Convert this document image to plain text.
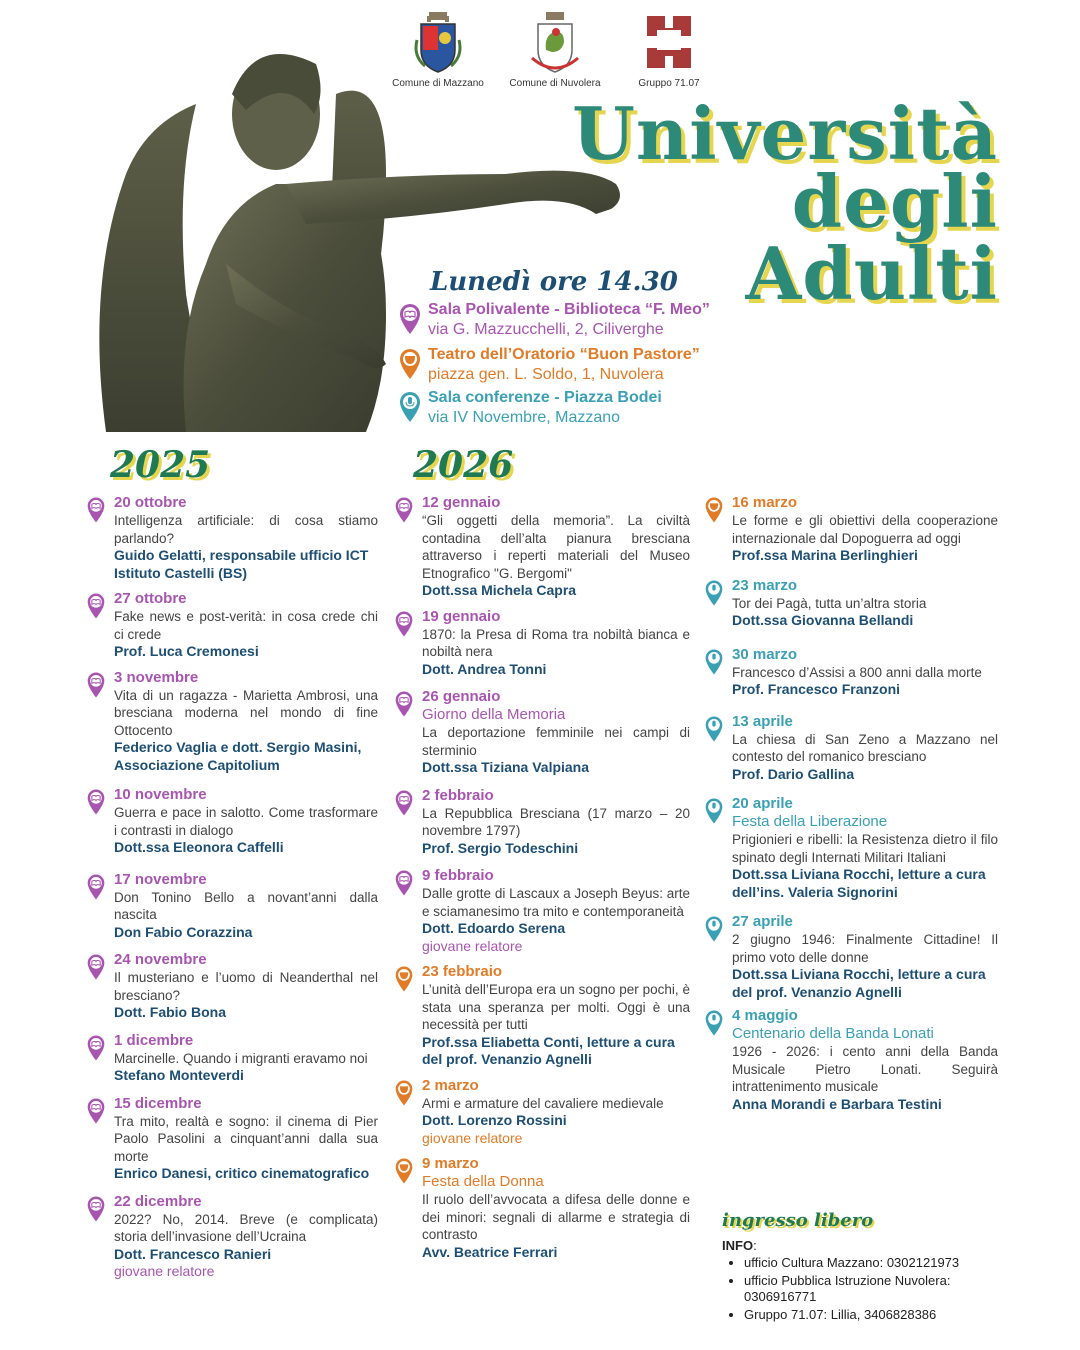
Comune di Mazzano	Comune di Nuvolera	Gruppo 71.07
Università
degli
Adulti
Lunedì ore 14.30
Sala Polivalente - Biblioteca “F. Meo”
via G. Mazzucchelli, 2, Ciliverghe
Teatro dell’Oratorio “Buon Pastore”
piazza gen. L. Soldo, 1, Nuvolera
Sala conferenze - Piazza Bodei
via IV Novembre, Mazzano
2025	2026
20 ottobre
Intelligenza artificiale: di cosa stiamo parlando?
Guido Gelatti, responsabile ufficio ICT Istituto Castelli (BS)
27 ottobre
Fake news e post-verità: in cosa crede chi ci crede
Prof. Luca Cremonesi
3 novembre
Vita di un ragazza - Marietta Ambrosi, una bresciana moderna nel mondo di fine Ottocento
Federico Vaglia e dott. Sergio Masini, Associazione Capitolium
10 novembre
Guerra e pace in salotto. Come trasformare i contrasti in dialogo
Dott.ssa Eleonora Caffelli
17 novembre
Don Tonino Bello a novant’anni dalla nascita
Don Fabio Corazzina
24 novembre
Il musteriano e l’uomo di Neanderthal nel bresciano?
Dott. Fabio Bona
1 dicembre
Marcinelle. Quando i migranti eravamo noi
Stefano Monteverdi
15 dicembre
Tra mito, realtà e sogno: il cinema di Pier Paolo Pasolini a cinquant’anni dalla sua morte
Enrico Danesi, critico cinematografico
22 dicembre
2022? No, 2014. Breve (e complicata) storia dell’invasione dell’Ucraina
Dott. Francesco Ranieri
giovane relatore
12 gennaio
“Gli oggetti della memoria”. La civiltà contadina dell’alta pianura bresciana attraverso i reperti materiali del Museo Etnografico "G. Bergomi"
Dott.ssa Michela Capra
19 gennaio
1870: la Presa di Roma tra nobiltà bianca e nobiltà nera
Dott. Andrea Tonni
26 gennaio
Giorno della Memoria
La deportazione femminile nei campi di sterminio
Dott.ssa Tiziana Valpiana
2 febbraio
La Repubblica Bresciana (17 marzo – 20 novembre 1797)
Prof. Sergio Todeschini
9 febbraio
Dalle grotte di Lascaux a Joseph Beyus: arte e sciamanesimo tra mito e contemporaneità
Dott. Edoardo Serena
giovane relatore
23 febbraio
L’unità dell’Europa era un sogno per pochi, è stata una speranza per molti. Oggi è una necessità per tutti
Prof.ssa Eliabetta Conti, letture a cura del prof. Venanzio Agnelli
2 marzo
Armi e armature del cavaliere medievale
Dott. Lorenzo Rossini
giovane relatore
9 marzo
Festa della Donna
Il ruolo dell’avvocata a difesa delle donne e dei minori: segnali di allarme e strategia di contrasto
Avv. Beatrice Ferrari
16 marzo
Le forme e gli obiettivi della cooperazione internazionale dal Dopoguerra ad oggi
Prof.ssa Marina Berlinghieri
23 marzo
Tor dei Pagà, tutta un’altra storia
Dott.ssa Giovanna Bellandi
30 marzo
Francesco d’Assisi a 800 anni dalla morte
Prof. Francesco Franzoni
13 aprile
La chiesa di San Zeno a Mazzano nel contesto del romanico bresciano
Prof. Dario Gallina
20 aprile
Festa della Liberazione
Prigionieri e ribelli: la Resistenza dietro il filo spinato degli Internati Militari Italiani
Dott.ssa Liviana Rocchi, letture a cura dell’ins. Valeria Signorini
27 aprile
2 giugno 1946: Finalmente Cittadine! Il primo voto delle donne
Dott.ssa Liviana Rocchi, letture a cura del prof. Venanzio Agnelli
4 maggio
Centenario della Banda Lonati
1926 - 2026: i cento anni della Banda Musicale Pietro Lonati. Seguirà intrattenimento musicale
Anna Morandi e Barbara Testini
ingresso libero
INFO:
• ufficio Cultura Mazzano: 0302121973
• ufficio Pubblica Istruzione Nuvolera: 0306916771
• Gruppo 71.07: Lillia, 3406828386
